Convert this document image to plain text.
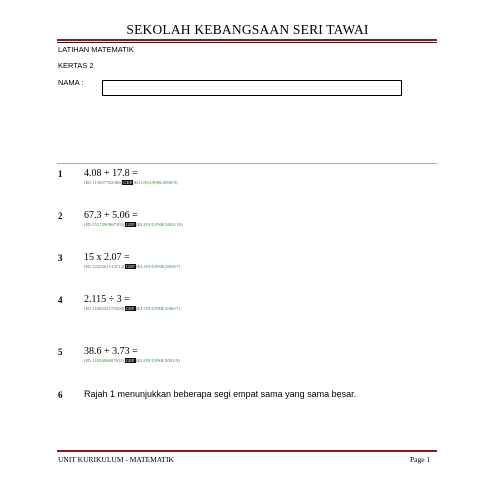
SEKOLAH KEBANGSAAN SERI TAWAI
LATIHAN MATEMATIK
KERTAS 2
NAMA :
1 4.08 + 17.8 =
(ID:115657702386(GEF)KLON/UPSR/2000/9)
2 67.3 + 5.06 =
(ID:1557290867391(GEF)KLON/UPSR/2002/10)
3 15 x 2.07 =
(ID:1222361514712(GEF)KLON/UPSR/2008/7)
4 2.115 ÷ 3 =
(ID:1168242578308(GEF)KLON/UPSR/2006/7)
5 38.6 + 3.73 =
(ID:1163406697631(GEF)KLON/UPSR/2001/9)
6 Rajah 1 menunjukkan beberapa segi empat sama yang sama besar.
UNIT KURIKULUM - MATEMATIK	Page 1
